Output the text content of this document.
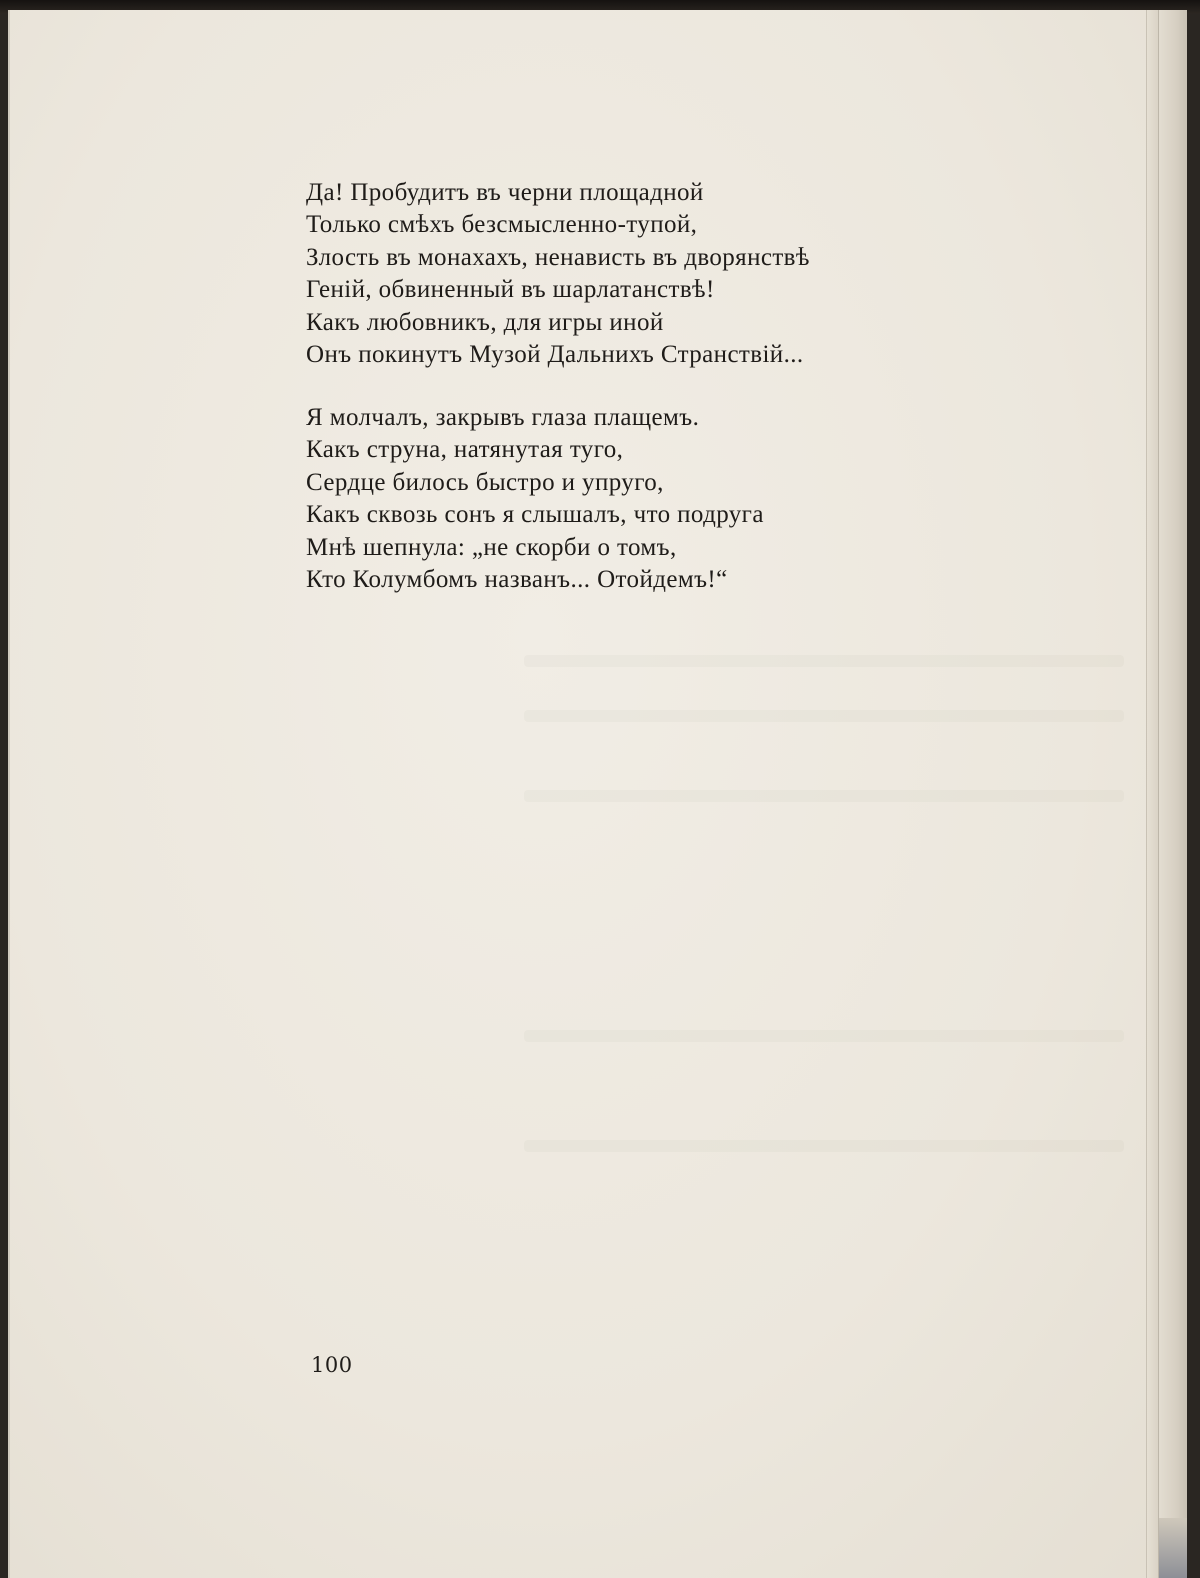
Да! Пробудитъ въ черни площадной
Только смѣхъ безсмысленно-тупой,
Злость въ монахахъ, ненависть въ дворянствѣ
Генiй, обвиненный въ шарлатанствѣ!
Какъ любовникъ, для игры иной
Онъ покинутъ Музой Дальнихъ Странствiй...
Я молчалъ, закрывъ глаза плащемъ.
Какъ струна, натянутая туго,
Сердце билось быстро и упруго,
Какъ сквозь сонъ я слышалъ, что подруга
Мнѣ шепнула: „не скорби о томъ,
Кто Колумбомъ названъ... Отойдемъ!“
100
